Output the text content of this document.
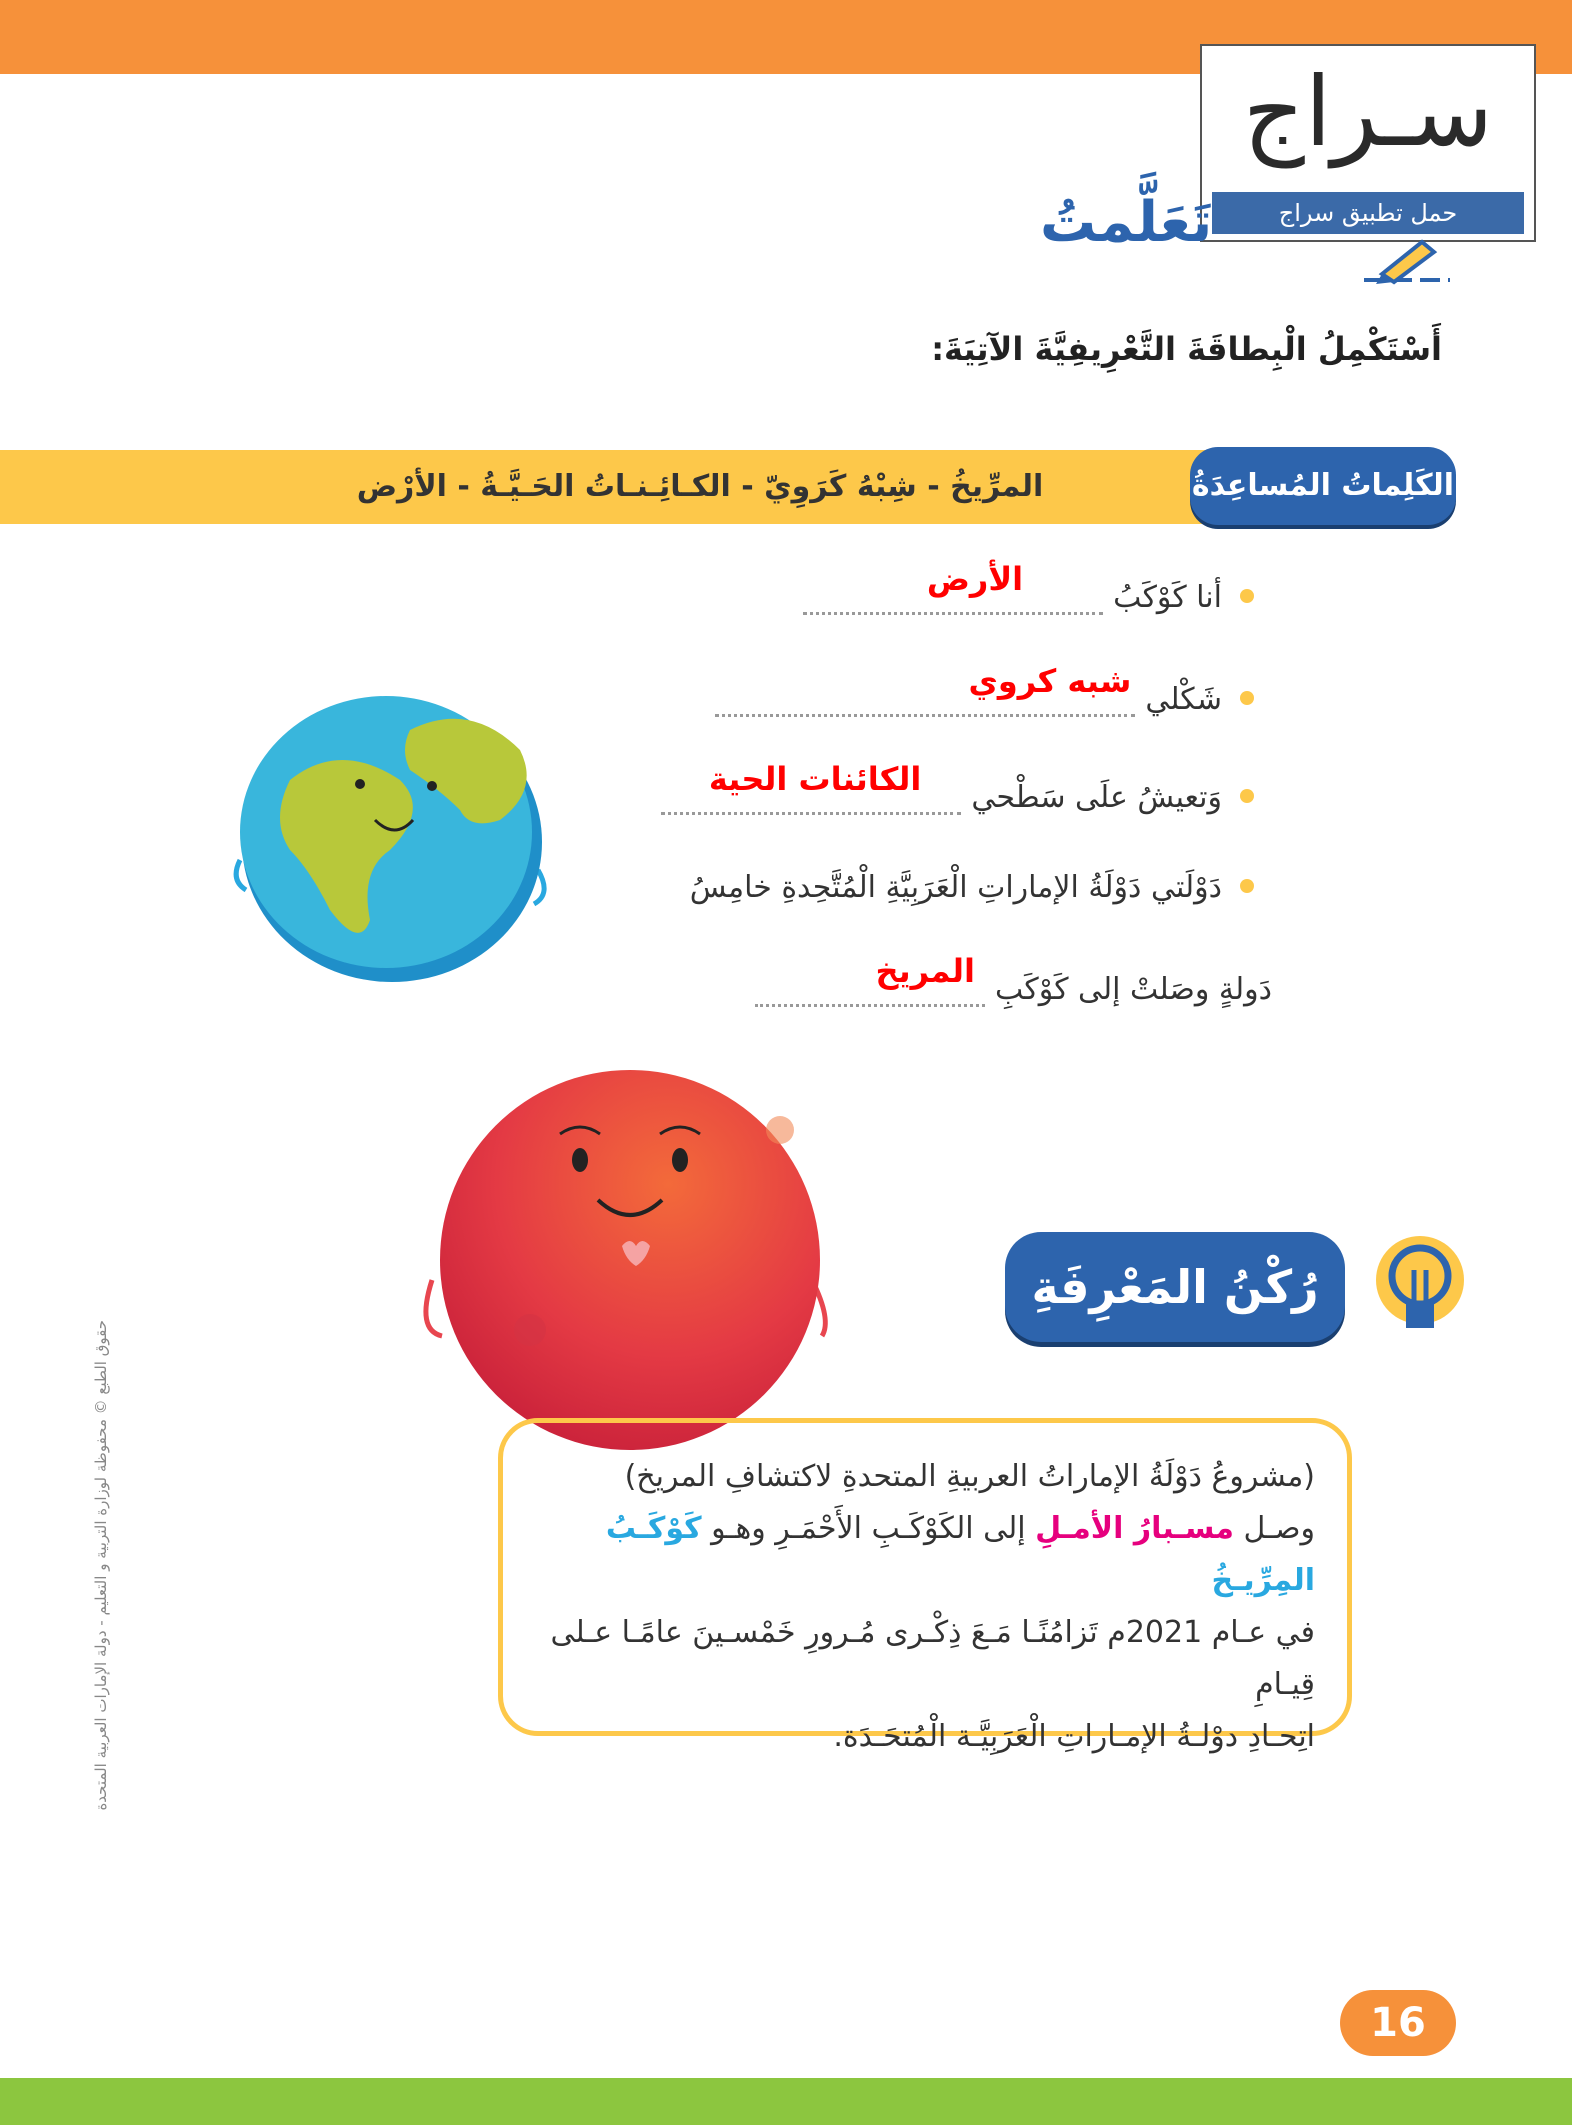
سـراج
حمل تطبيق سراج
تَعَلَّمتُ
أَسْتَكْمِلُ الْبِطاقَةَ التَّعْرِيفِيَّةَ الآتِيَةَ:
المرِّيخُ - شِبْهُ كَرَوِيّ - الكـائِـنـاتُ الحَـيَّـةُ - الأرْض	الكَلِماتُ المُساعِدَةُ
أنا كَوْكَبُ
الأرض
شَكْلي
شبه كروي
وَتعيشُ علَى سَطْحي
الكائنات الحية
دَوْلَتي دَوْلَةُ الإماراتِ الْعَرَبِيَّةِ الْمُتَّحِدةِ خامِسُ
دَولةٍ وصَلتْ إلى كَوْكَبِ
المريخ
رُكْنُ المَعْرِفَةِ
(مشروعُ دَوْلَةُ الإماراتُ العربيةِ المتحدةِ لاكتشافِ المريخ)
وصـل مسـبارُ الأمـلِ إلى الكَوْكَـبِ الأَحْمَـرِ وهـو كَوْكَـبُ المِرِّيـخُ
في عـام 2021م تَزامُنًـا مَـعَ ذِكْـرى مُـرورِ خَمْسـينَ عامًـا عـلى قِيـامِ
اتِحـادِ دوْلـةُ الإمـاراتِ الْعَرَبِيَّـة الْمُتحَـدَة.
حقوق الطبع © محفوظة لوزارة التربية و التعليم - دولة الإمارات العربية المتحدة
16
